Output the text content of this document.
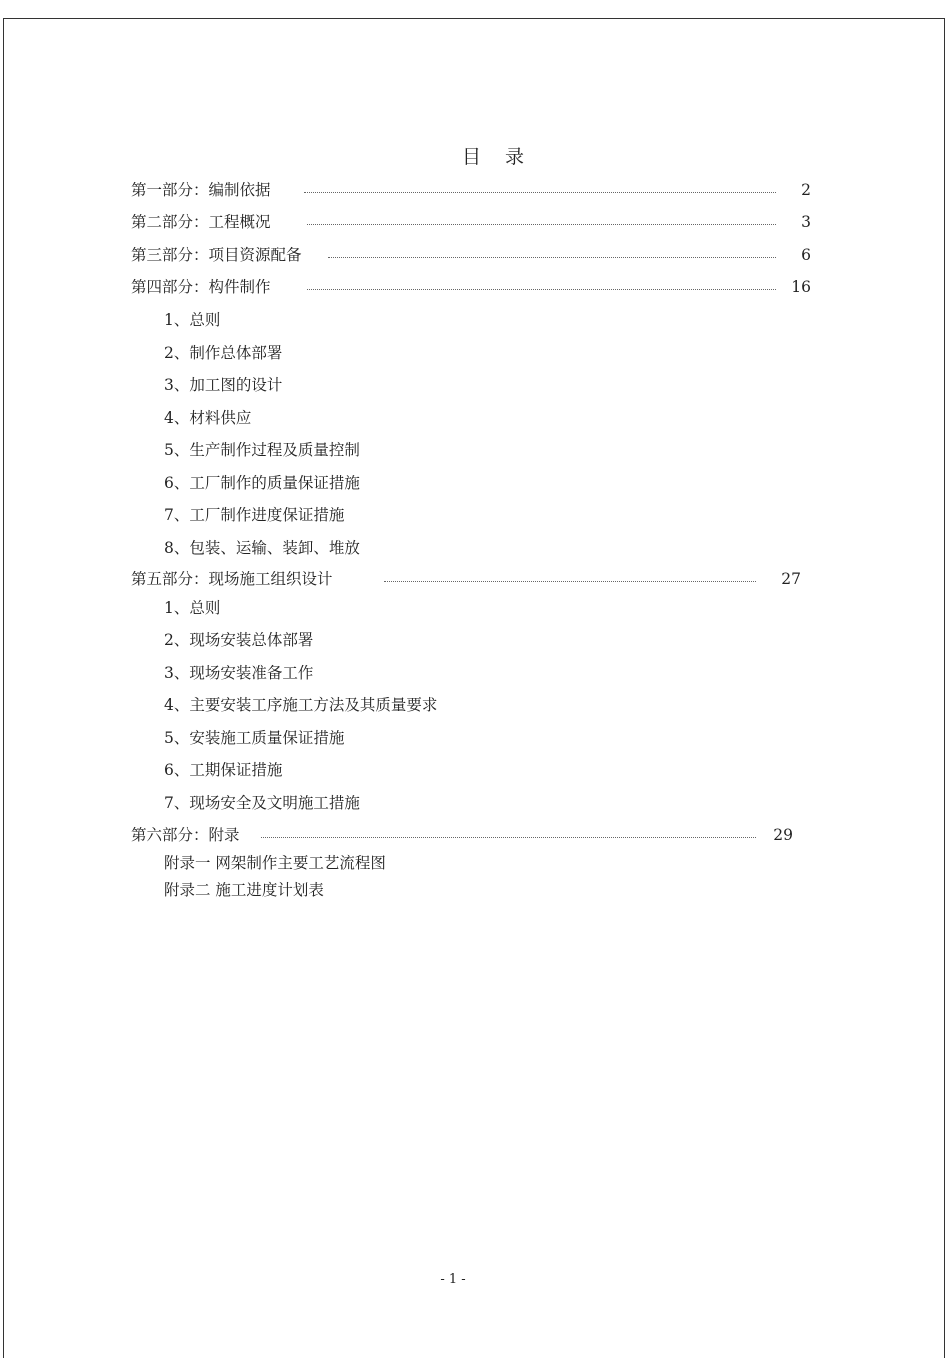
目 录
第一部分：编制依据	2
第二部分：工程概况	3
第三部分：项目资源配备	6
第四部分：构件制作	16
1、总则
2、制作总体部署
3、加工图的设计
4、材料供应
5、生产制作过程及质量控制
6、工厂制作的质量保证措施
7、工厂制作进度保证措施
8、包装、运输、装卸、堆放
第五部分：现场施工组织设计	27
1、总则
2、现场安装总体部署
3、现场安装准备工作
4、主要安装工序施工方法及其质量要求
5、安装施工质量保证措施
6、工期保证措施
7、现场安全及文明施工措施
第六部分：附录	29
附录一 网架制作主要工艺流程图
附录二 施工进度计划表
- 1 -
